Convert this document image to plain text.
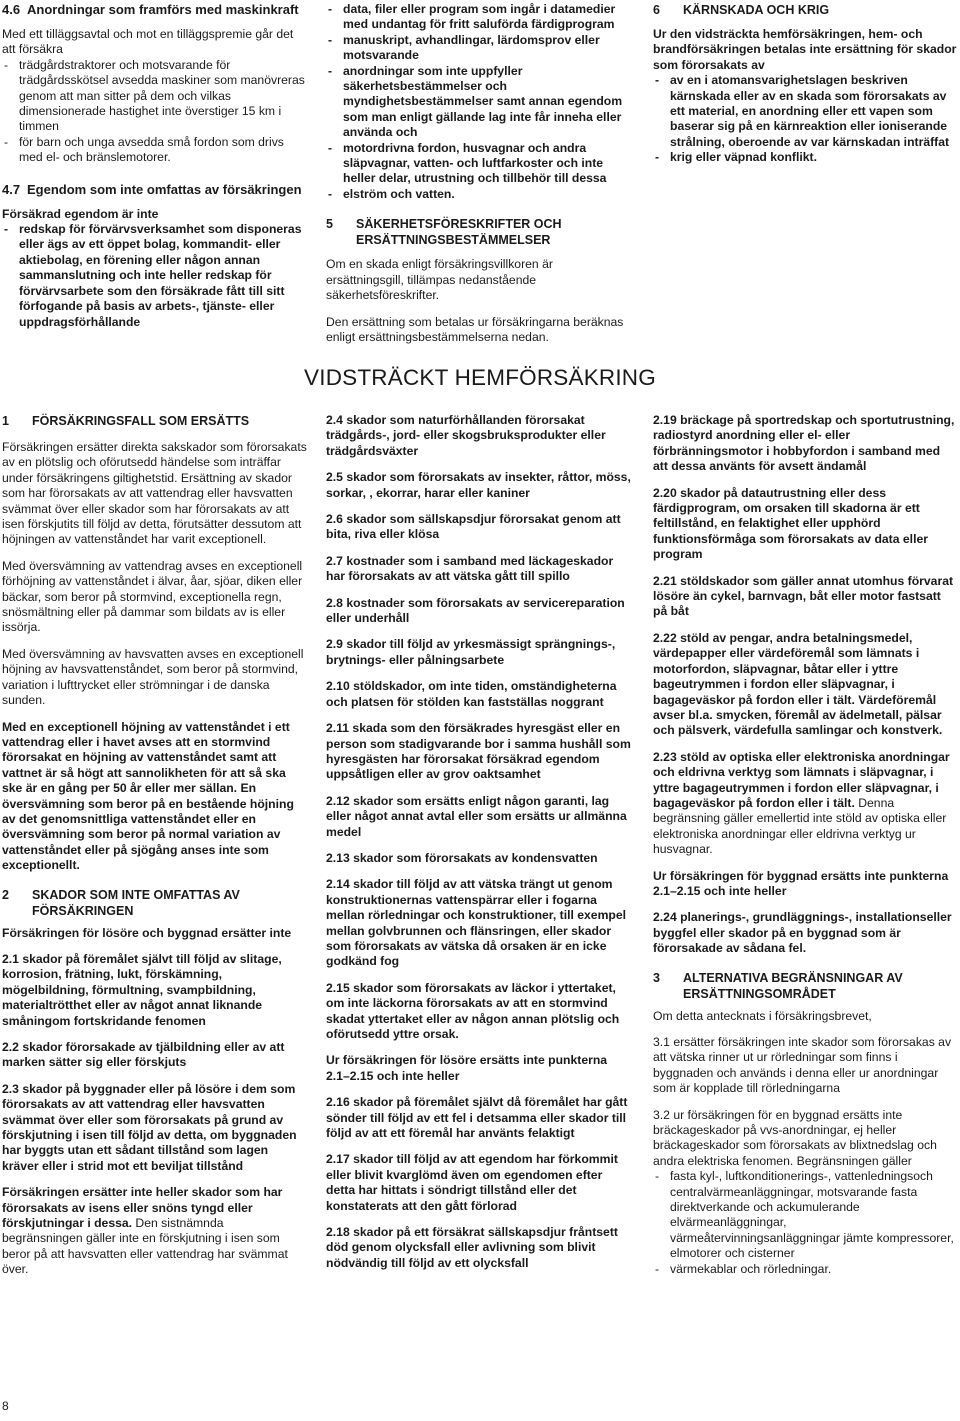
4.6 Anordningar som framförs med maskinkraft

Med ett tilläggsavtal och mot en tilläggspremie går det att försäkra

- trädgårdstraktorer och motsvarande för trädgårdsskötsel avsedda maskiner som manövreras genom att man sitter på dem och vilkas dimensionerade hastighet inte överstiger 15 km i timmen
- för barn och unga avsedda små fordon som drivs med el- och bränslemotorer.
4.7 Egendom som inte omfattas av försäkringen

Försäkrad egendom är inte

- redskap för förvärvsverksamhet som disponeras eller ägs av ett öppet bolag, kommandit- eller aktiebolag, en förening eller någon annan sammanslutning och inte heller redskap för förvärvsarbete som den försäkrade fått till sitt förfogande på basis av arbets-, tjänste- eller uppdragsförhållande
- data, filer eller program som ingår i datamedier med undantag för fritt saluförda färdigprogram
- manuskript, avhandlingar, lärdomsprov eller motsvarande
- anordningar som inte uppfyller säkerhetsbestämmelser och myndighetsbestämmelser samt annan egendom som man enligt gällande lag inte får inneha eller använda och
- motordrivna fordon, husvagnar och andra släpvagnar, vatten- och luftfarkoster och inte heller delar, utrustning och tillbehör till dessa
- elström och vatten.
5	SÄKERHETSFÖRESKRIFTER OCH ERSÄTTNINGSBESTÄMMELSER

Om en skada enligt försäkringsvillkoren är ersättningsgill, tillämpas nedanstående säkerhetsföreskrifter.

Den ersättning som betalas ur försäkringarna beräknas enligt ersättningsbestämmelserna nedan.

6	KÄRNSKADA OCH KRIG

Ur den vidsträckta hemförsäkringen, hem- och brandförsäkringen betalas inte ersättning för skador som förorsakats av

- av en i atomansvarighetslagen beskriven kärnskada eller av en skada som förorsakats av ett material, en anordning eller ett vapen som baserar sig på en kärnreaktion eller ioniserande strålning, oberoende av var kärnskadan inträffat
- krig eller väpnad konflikt.
VIDSTRÄCKT HEMFÖRSÄKRING
1	FÖRSÄKRINGSFALL SOM ERSÄTTS

Försäkringen ersätter direkta sakskador som förorsakats av en plötslig och oförutsedd händelse som inträffar under försäkringens giltighetstid. Ersättning av skador som har förorsakats av att vattendrag eller havsvatten svämmat över eller skador som har förorsakats av att isen förskjutits till följd av detta, förutsätter dessutom att höjningen av vattenståndet har varit exceptionell.

Med översvämning av vattendrag avses en exceptionell förhöjning av vattenståndet i älvar, åar, sjöar, diken eller bäckar, som beror på stormvind, exceptionella regn, snösmältning eller på dammar som bildats av is eller issörja.

Med översvämning av havsvatten avses en exceptionell höjning av havsvattenståndet, som beror på stormvind, variation i lufttrycket eller strömningar i de danska sunden.

Med en exceptionell höjning av vattenståndet i ett vattendrag eller i havet avses att en stormvind förorsakat en höjning av vattenståndet samt att vattnet är så högt att sannolikheten för att så ska ske är en gång per 50 år eller mer sällan. En översvämning som beror på en bestående höjning av det genomsnittliga vattenståndet eller en översvämning som beror på normal variation av vattenståndet eller på sjögång anses inte som exceptionellt.

2	SKADOR SOM INTE OMFATTAS AV FÖRSÄKRINGEN

Försäkringen för lösöre och byggnad ersätter inte

2.1 skador på föremålet självt till följd av slitage, korrosion, frätning, lukt, förskämning, mögelbildning, förmultning, svampbildning, materialtrötthet eller av något annat liknande småningom fortskridande fenomen

2.2 skador förorsakade av tjälbildning eller av att marken sätter sig eller förskjuts

2.3 skador på byggnader eller på lösöre i dem som förorsakats av att vattendrag eller havsvatten svämmat över eller som förorsakats på grund av förskjutning i isen till följd av detta, om byggnaden har byggts utan ett sådant tillstånd som lagen kräver eller i strid mot ett beviljat tillstånd

Försäkringen ersätter inte heller skador som har förorsakats av isens eller snöns tyngd eller förskjutningar i dessa. Den sistnämnda begränsningen gäller inte en förskjutning i isen som beror på att havsvatten eller vattendrag har svämmat över.

2.4 skador som naturförhållanden förorsakat trädgårds-, jord- eller skogsbruksprodukter eller trädgårdsväxter

2.5 skador som förorsakats av insekter, råttor, möss, sorkar, , ekorrar, harar eller kaniner

2.6 skador som sällskapsdjur förorsakat genom att bita, riva eller klösa

2.7 kostnader som i samband med läckageskador har förorsakats av att vätska gått till spillo

2.8 kostnader som förorsakats av servicereparation eller underhåll

2.9 skador till följd av yrkesmässigt sprängnings-, brytnings- eller pålningsarbete

2.10 stöldskador, om inte tiden, omständigheterna och platsen för stölden kan fastställas noggrant

2.11 skada som den försäkrades hyresgäst eller en person som stadigvarande bor i samma hushåll som hyresgästen har förorsakat försäkrad egendom uppsåtligen eller av grov oaktsamhet

2.12 skador som ersätts enligt någon garanti, lag eller något annat avtal eller som ersätts ur allmänna medel

2.13 skador som förorsakats av kondensvatten

2.14 skador till följd av att vätska trängt ut genom konstruktionernas vattenspärrar eller i fogarna mellan rörledningar och konstruktioner, till exempel mellan golvbrunnen och flänsringen, eller skador som förorsakats av vätska då orsaken är en icke godkänd fog

2.15 skador som förorsakats av läckor i yttertaket, om inte läckorna förorsakats av att en stormvind skadat yttertaket eller av någon annan plötslig och oförutsedd yttre orsak.

Ur försäkringen för lösöre ersätts inte punkterna 2.1–2.15 och inte heller

2.16 skador på föremålet självt då föremålet har gått sönder till följd av ett fel i detsamma eller skador till följd av att ett föremål har använts felaktigt

2.17 skador till följd av att egendom har förkommit eller blivit kvarglömd även om egendomen efter detta har hittats i söndrigt tillstånd eller det konstaterats att den gått förlorad

2.18 skador på ett försäkrat sällskapsdjur fråntsett död genom olycksfall eller avlivning som blivit nödvändig till följd av ett olycksfall

2.19 bräckage på sportredskap och sportutrustning, radiostyrd anordning eller el- eller förbränningsmotor i hobbyfordon i samband med att dessa använts för avsett ändamål

2.20 skador på datautrustning eller dess färdigprogram, om orsaken till skadorna är ett feltillstånd, en felaktighet eller upphörd funktionsförmåga som förorsakats av data eller program

2.21 stöldskador som gäller annat utomhus förvarat lösöre än cykel, barnvagn, båt eller motor fastsatt på båt

2.22 stöld av pengar, andra betalningsmedel, värdepapper eller värdeföremål som lämnats i motorfordon, släpvagnar, båtar eller i yttre bageutrymmen i fordon eller släpvagnar, i bagageväskor på fordon eller i tält. Värdeföremål avser bl.a. smycken, föremål av ädelmetall, pälsar och pälsverk, värdefulla samlingar och konstverk.

2.23 stöld av optiska eller elektroniska anordningar och eldrivna verktyg som lämnats i släpvagnar, i yttre bagageutrymmen i fordon eller släpvagnar, i bagageväskor på fordon eller i tält. Denna begränsning gäller emellertid inte stöld av optiska eller elektroniska anordningar eller eldrivna verktyg ur husvagnar.

Ur försäkringen för byggnad ersätts inte punkterna 2.1–2.15 och inte heller

2.24 planerings-, grundläggnings-, installationseller byggfel eller skador på en byggnad som är förorsakade av sådana fel.

3	ALTERNATIVA BEGRÄNSNINGAR AV ERSÄTTNINGSOMRÅDET

Om detta antecknats i försäkringsbrevet,

3.1 ersätter försäkringen inte skador som förorsakas av att vätska rinner ut ur rörledningar som finns i byggnaden och används i denna eller ur anordningar som är kopplade till rörledningarna

3.2 ur försäkringen för en byggnad ersätts inte bräckageskador på vvs-anordningar, ej heller bräckageskador som förorsakats av blixtnedslag och andra elektriska fenomen. Begränsningen gäller

- fasta kyl-, luftkonditionerings-, vattenledningsoch centralvärmeanläggningar, motsvarande fasta direktverkande och ackumulerande elvärmeanläggningar, värmeåtervinningsanläggningar jämte kompressorer, elmotorer och cisterner
- värmekablar och rörledningar.
8
